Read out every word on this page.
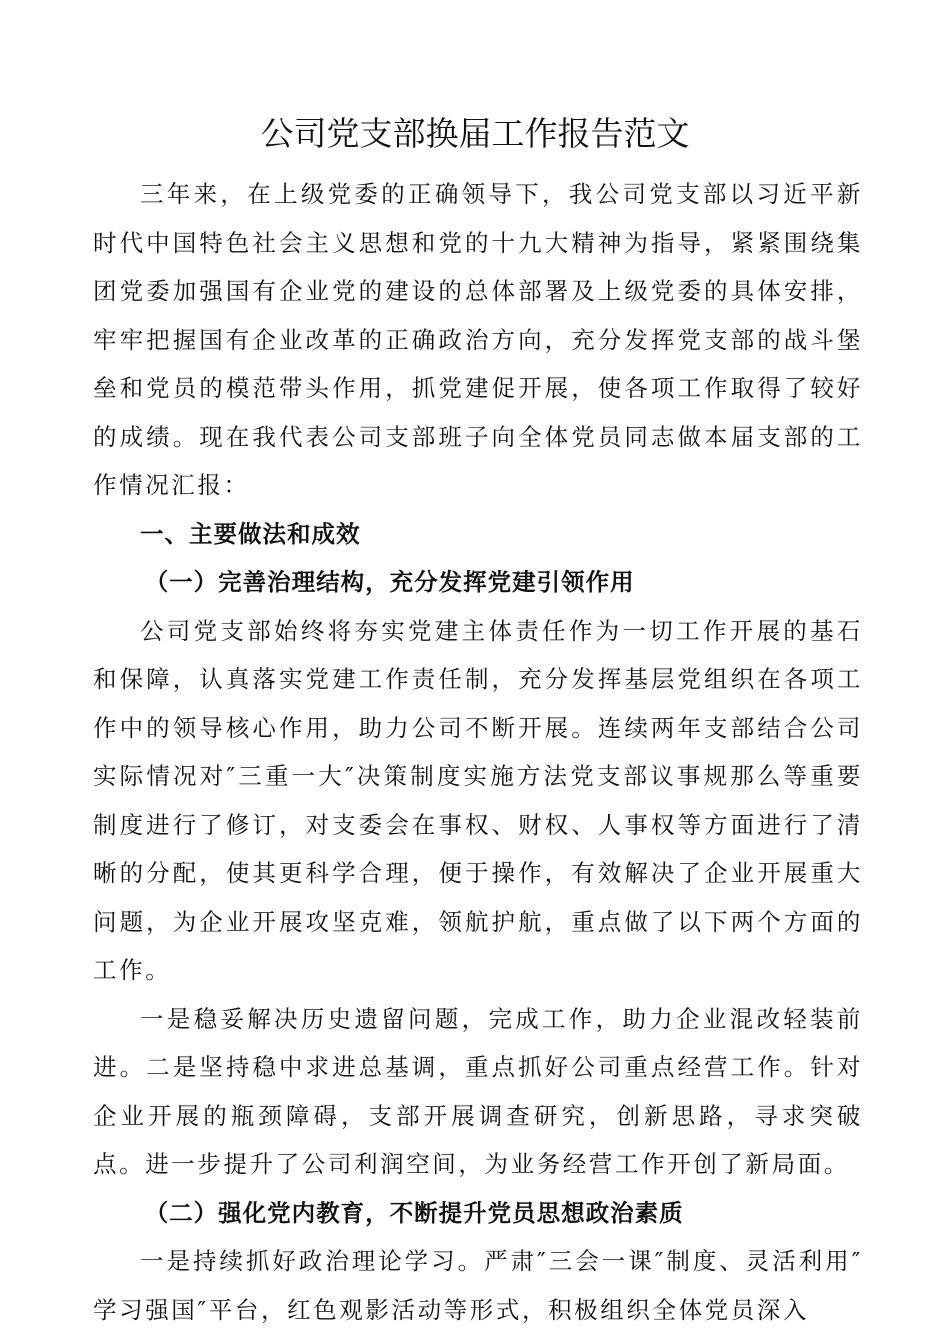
公司党支部换届工作报告范文

三年来，在上级党委的正确领导下，我公司党支部以习近平新时代中国特色社会主义思想和党的十九大精神为指导，紧紧围绕集团党委加强国有企业党的建设的总体部署及上级党委的具体安排，牢牢把握国有企业改革的正确政治方向，充分发挥党支部的战斗堡垒和党员的模范带头作用，抓党建促开展，使各项工作取得了较好的成绩。现在我代表公司支部班子向全体党员同志做本届支部的工作情况汇报：

一、主要做法和成效

（一）完善治理结构，充分发挥党建引领作用

公司党支部始终将夯实党建主体责任作为一切工作开展的基石和保障，认真落实党建工作责任制，充分发挥基层党组织在各项工作中的领导核心作用，助力公司不断开展。连续两年支部结合公司实际情况对″三重一大″决策制度实施方法党支部议事规那么等重要制度进行了修订，对支委会在事权、财权、人事权等方面进行了清晰的分配，使其更科学合理，便于操作，有效解决了企业开展重大问题，为企业开展攻坚克难，领航护航，重点做了以下两个方面的工作。

一是稳妥解决历史遗留问题，完成工作，助力企业混改轻装前进。二是坚持稳中求进总基调，重点抓好公司重点经营工作。针对企业开展的瓶颈障碍，支部开展调查研究，创新思路，寻求突破点。进一步提升了公司利润空间，为业务经营工作开创了新局面。

（二）强化党内教育，不断提升党员思想政治素质

一是持续抓好政治理论学习。严肃″三会一课″制度、灵活利用″学习强国″平台，红色观影活动等形式，积极组织全体党员深入
